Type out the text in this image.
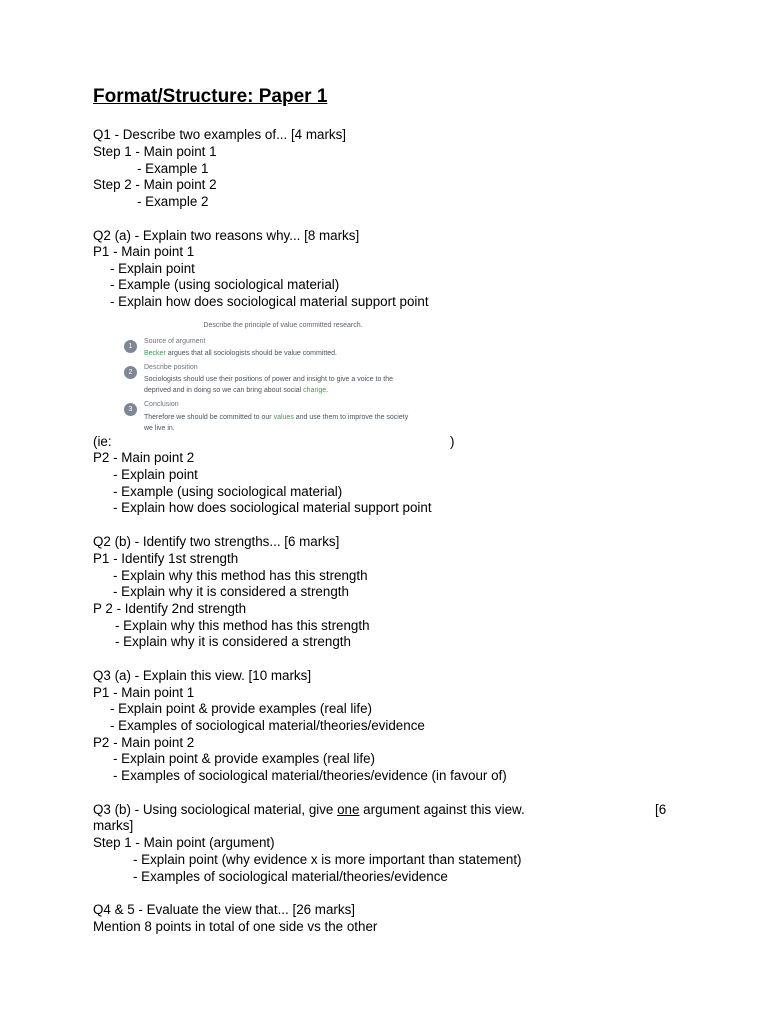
Format/Structure: Paper 1
Q1 - Describe two examples of... [4 marks]
Step 1 - Main point 1
- Example 1
Step 2 - Main point 2
- Example 2
Q2 (a) - Explain two reasons why... [8 marks]
P1 - Main point 1
- Explain point
- Example (using sociological material)
- Explain how does sociological material support point
Describe the principle of value committed research.
1
Source of argument
Becker argues that all sociologists should be value committed.
2
Describe position
Sociologists should use their positions of power and insight to give a voice to the
deprived and in doing so we can bring about social change.
3
Conclusion
Therefore we should be committed to our values and use them to improve the society
we live in.
(ie:	)
P2 - Main point 2
- Explain point
- Example (using sociological material)
- Explain how does sociological material support point
Q2 (b) - Identify two strengths... [6 marks]
P1 - Identify 1st strength
- Explain why this method has this strength
- Explain why it is considered a strength
P 2 - Identify 2nd strength
- Explain why this method has this strength
- Explain why it is considered a strength
Q3 (a) - Explain this view. [10 marks]
P1 - Main point 1
- Explain point & provide examples (real life)
- Examples of sociological material/theories/evidence
P2 - Main point 2
- Explain point & provide examples (real life)
- Examples of sociological material/theories/evidence (in favour of)
Q3 (b) - Using sociological material, give one argument against this view.	[6
marks]
Step 1 - Main point (argument)
- Explain point (why evidence x is more important than statement)
- Examples of sociological material/theories/evidence
Q4 & 5 - Evaluate the view that... [26 marks]
Mention 8 points in total of one side vs the other
